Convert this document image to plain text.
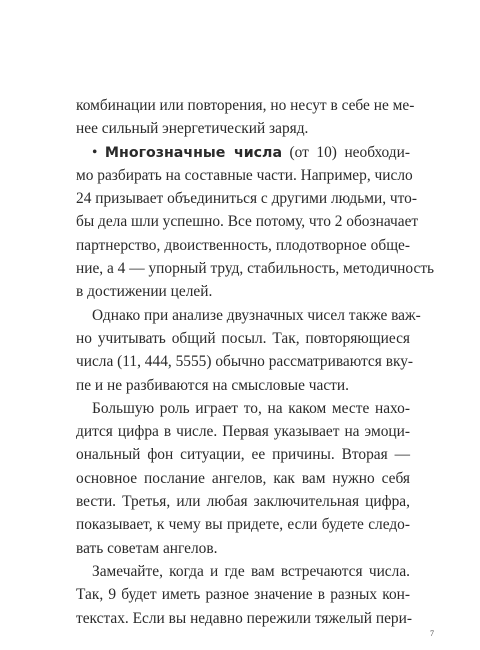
комбинации или повторения, но несут в себе не ме-
нее сильный энергетический заряд.
• Многозначные числа (от 10) необходи-
мо разбирать на составные части. Например, число
24 призывает объединиться с другими людьми, что-
бы дела шли успешно. Все потому, что 2 обозначает
партнерство, двоиственность, плодотворное обще-
ние, а 4 — упорный труд, стабильность, методичность
в достижении целей.
Однако при анализе двузначных чисел также важ-
но учитывать общий посыл. Так, повторяющиеся
числа (11, 444, 5555) обычно рассматриваются вку-
пе и не разбиваются на смысловые части.
Большую роль играет то, на каком месте нахо-
дится цифра в числе. Первая указывает на эмоци-
ональный фон ситуации, ее причины. Вторая —
основное послание ангелов, как вам нужно себя
вести. Третья, или любая заключительная цифра,
показывает, к чему вы придете, если будете следо-
вать советам ангелов.
Замечайте, когда и где вам встречаются числа.
Так, 9 будет иметь разное значение в разных кон-
текстах. Если вы недавно пережили тяжелый пери-
7
